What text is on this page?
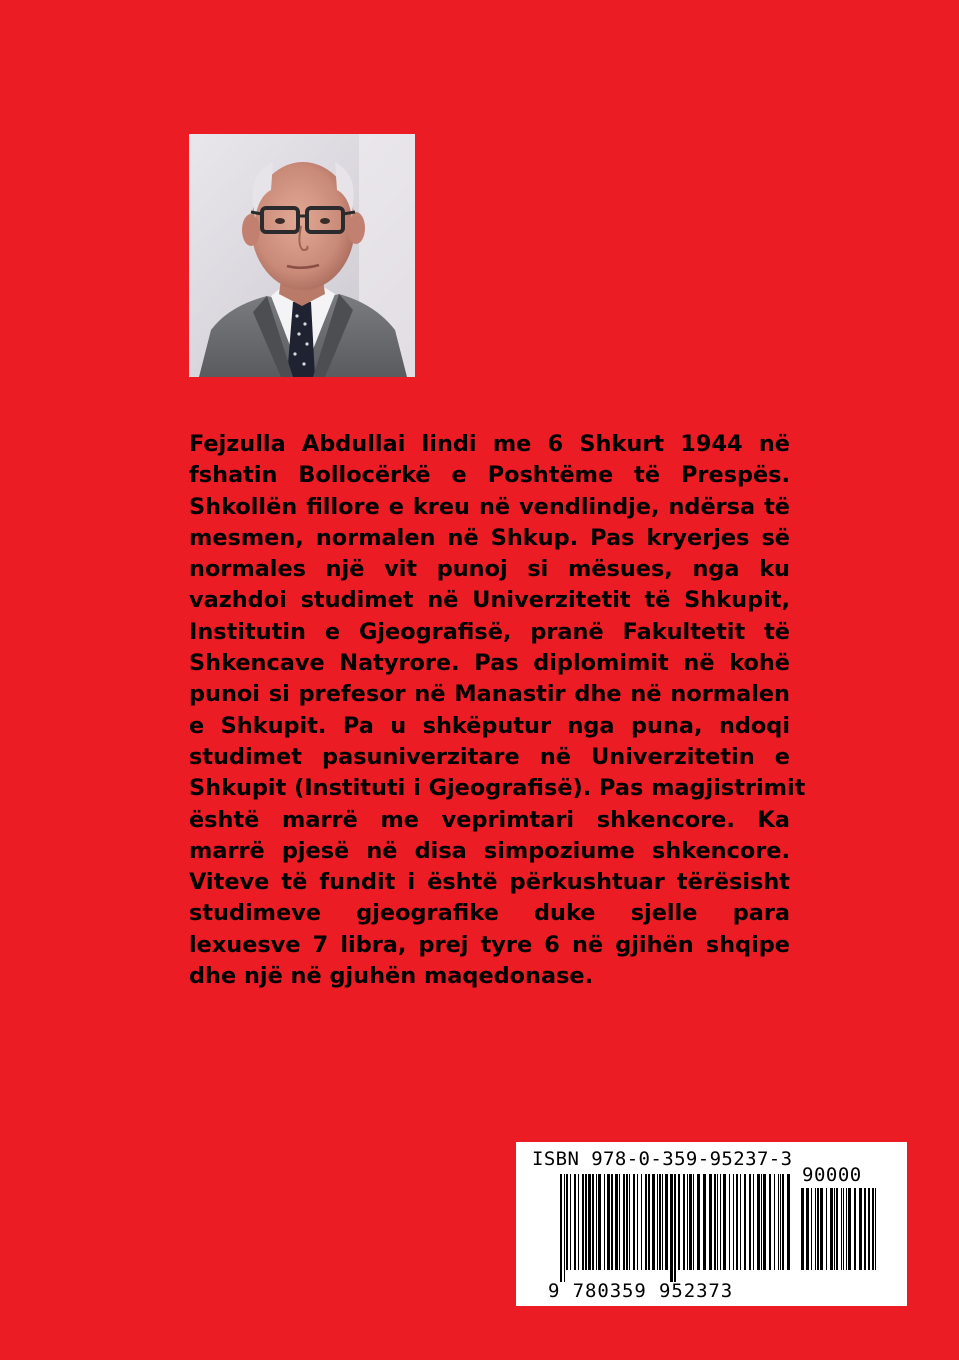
Fejzulla Abdullai lindi me 6 Shkurt 1944 në
fshatin Bollocërkë e Poshtëme të Prespës.
Shkollën fillore e kreu në vendlindje, ndërsa të
mesmen, normalen në Shkup. Pas kryerjes së
normales një vit punoj si mësues, nga ku
vazhdoi studimet në Univerzitetit të Shkupit,
Institutin e Gjeografisë, pranë Fakultetit të
Shkencave Natyrore. Pas diplomimit në kohë
punoi si prefesor në Manastir dhe në normalen
e Shkupit. Pa u shkëputur nga puna, ndoqi
studimet pasuniverzitare në Univerzitetin e
Shkupit (Instituti i Gjeografisë). Pas magjistrimit
është marrë me veprimtari shkencore. Ka
marrë pjesë në disa simpoziume shkencore.
Viteve të fundit i është përkushtuar tërësisht
studimeve gjeografike duke sjelle para
lexuesve 7 libra, prej tyre 6 në gjihën shqipe
dhe një në gjuhën maqedonase.
ISBN 978-0-359-95237-3
90000
9 780359 952373
